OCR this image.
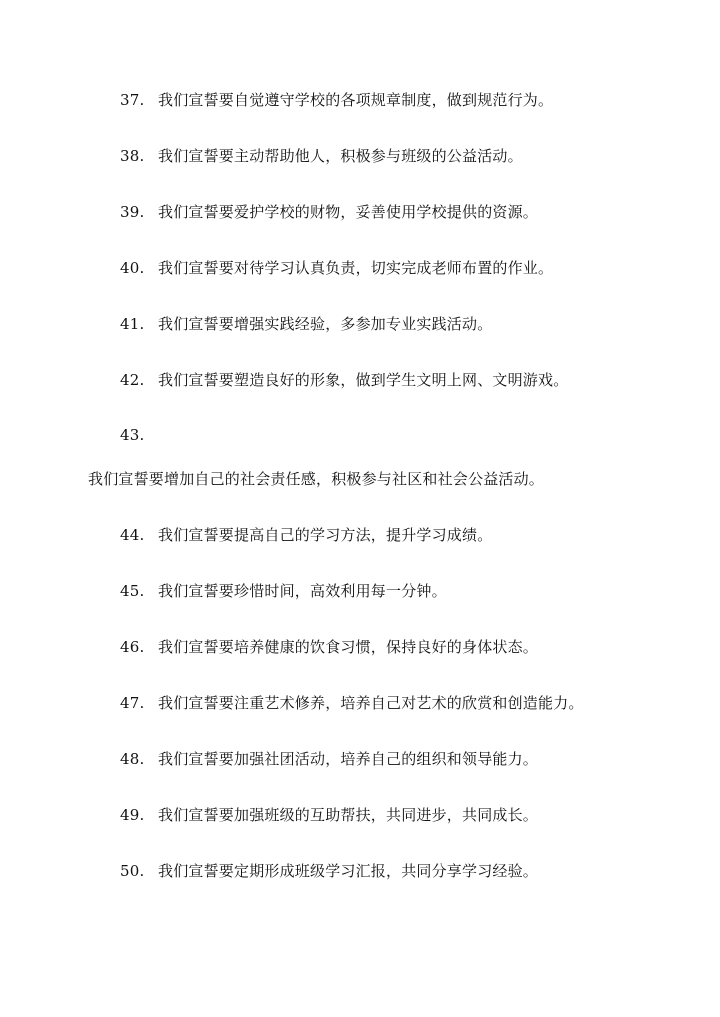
37. 我们宣誓要自觉遵守学校的各项规章制度，做到规范行为。
38. 我们宣誓要主动帮助他人，积极参与班级的公益活动。
39. 我们宣誓要爱护学校的财物，妥善使用学校提供的资源。
40. 我们宣誓要对待学习认真负责，切实完成老师布置的作业。
41. 我们宣誓要增强实践经验，多参加专业实践活动。
42. 我们宣誓要塑造良好的形象，做到学生文明上网、文明游戏。
43.
我们宣誓要增加自己的社会责任感，积极参与社区和社会公益活动。
44. 我们宣誓要提高自己的学习方法，提升学习成绩。
45. 我们宣誓要珍惜时间，高效利用每一分钟。
46. 我们宣誓要培养健康的饮食习惯，保持良好的身体状态。
47. 我们宣誓要注重艺术修养，培养自己对艺术的欣赏和创造能力。
48. 我们宣誓要加强社团活动，培养自己的组织和领导能力。
49. 我们宣誓要加强班级的互助帮扶，共同进步，共同成长。
50. 我们宣誓要定期形成班级学习汇报，共同分享学习经验。
